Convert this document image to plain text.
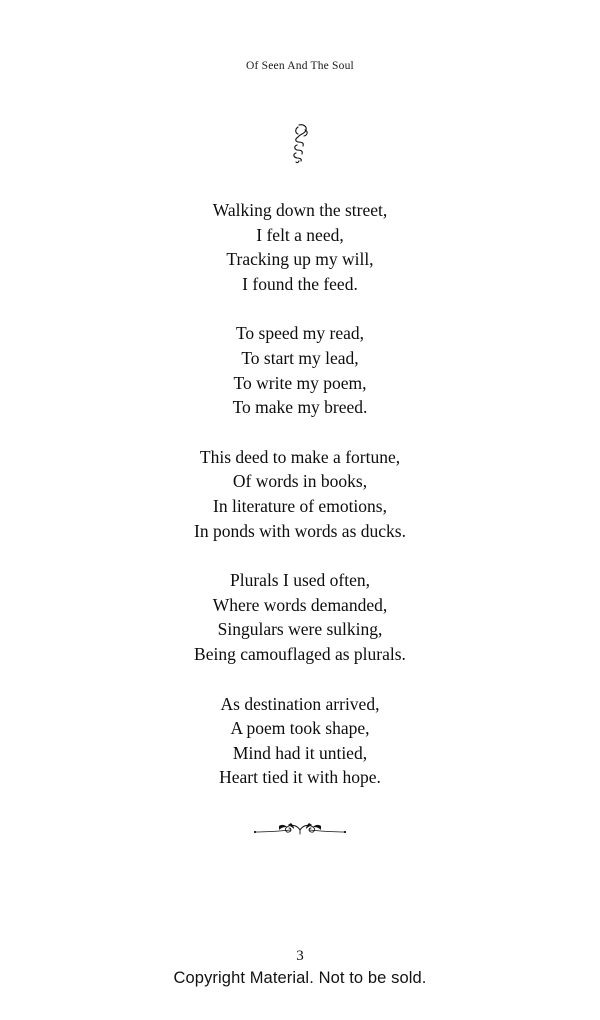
Of Seen And The Soul
Walking down the street,
I felt a need,
Tracking up my will,
I found the feed.
To speed my read,
To start my lead,
To write my poem,
To make my breed.
This deed to make a fortune,
Of words in books,
In literature of emotions,
In ponds with words as ducks.
Plurals I used often,
Where words demanded,
Singulars were sulking,
Being camouflaged as plurals.
As destination arrived,
A poem took shape,
Mind had it untied,
Heart tied it with hope.
3
Copyright Material. Not to be sold.
